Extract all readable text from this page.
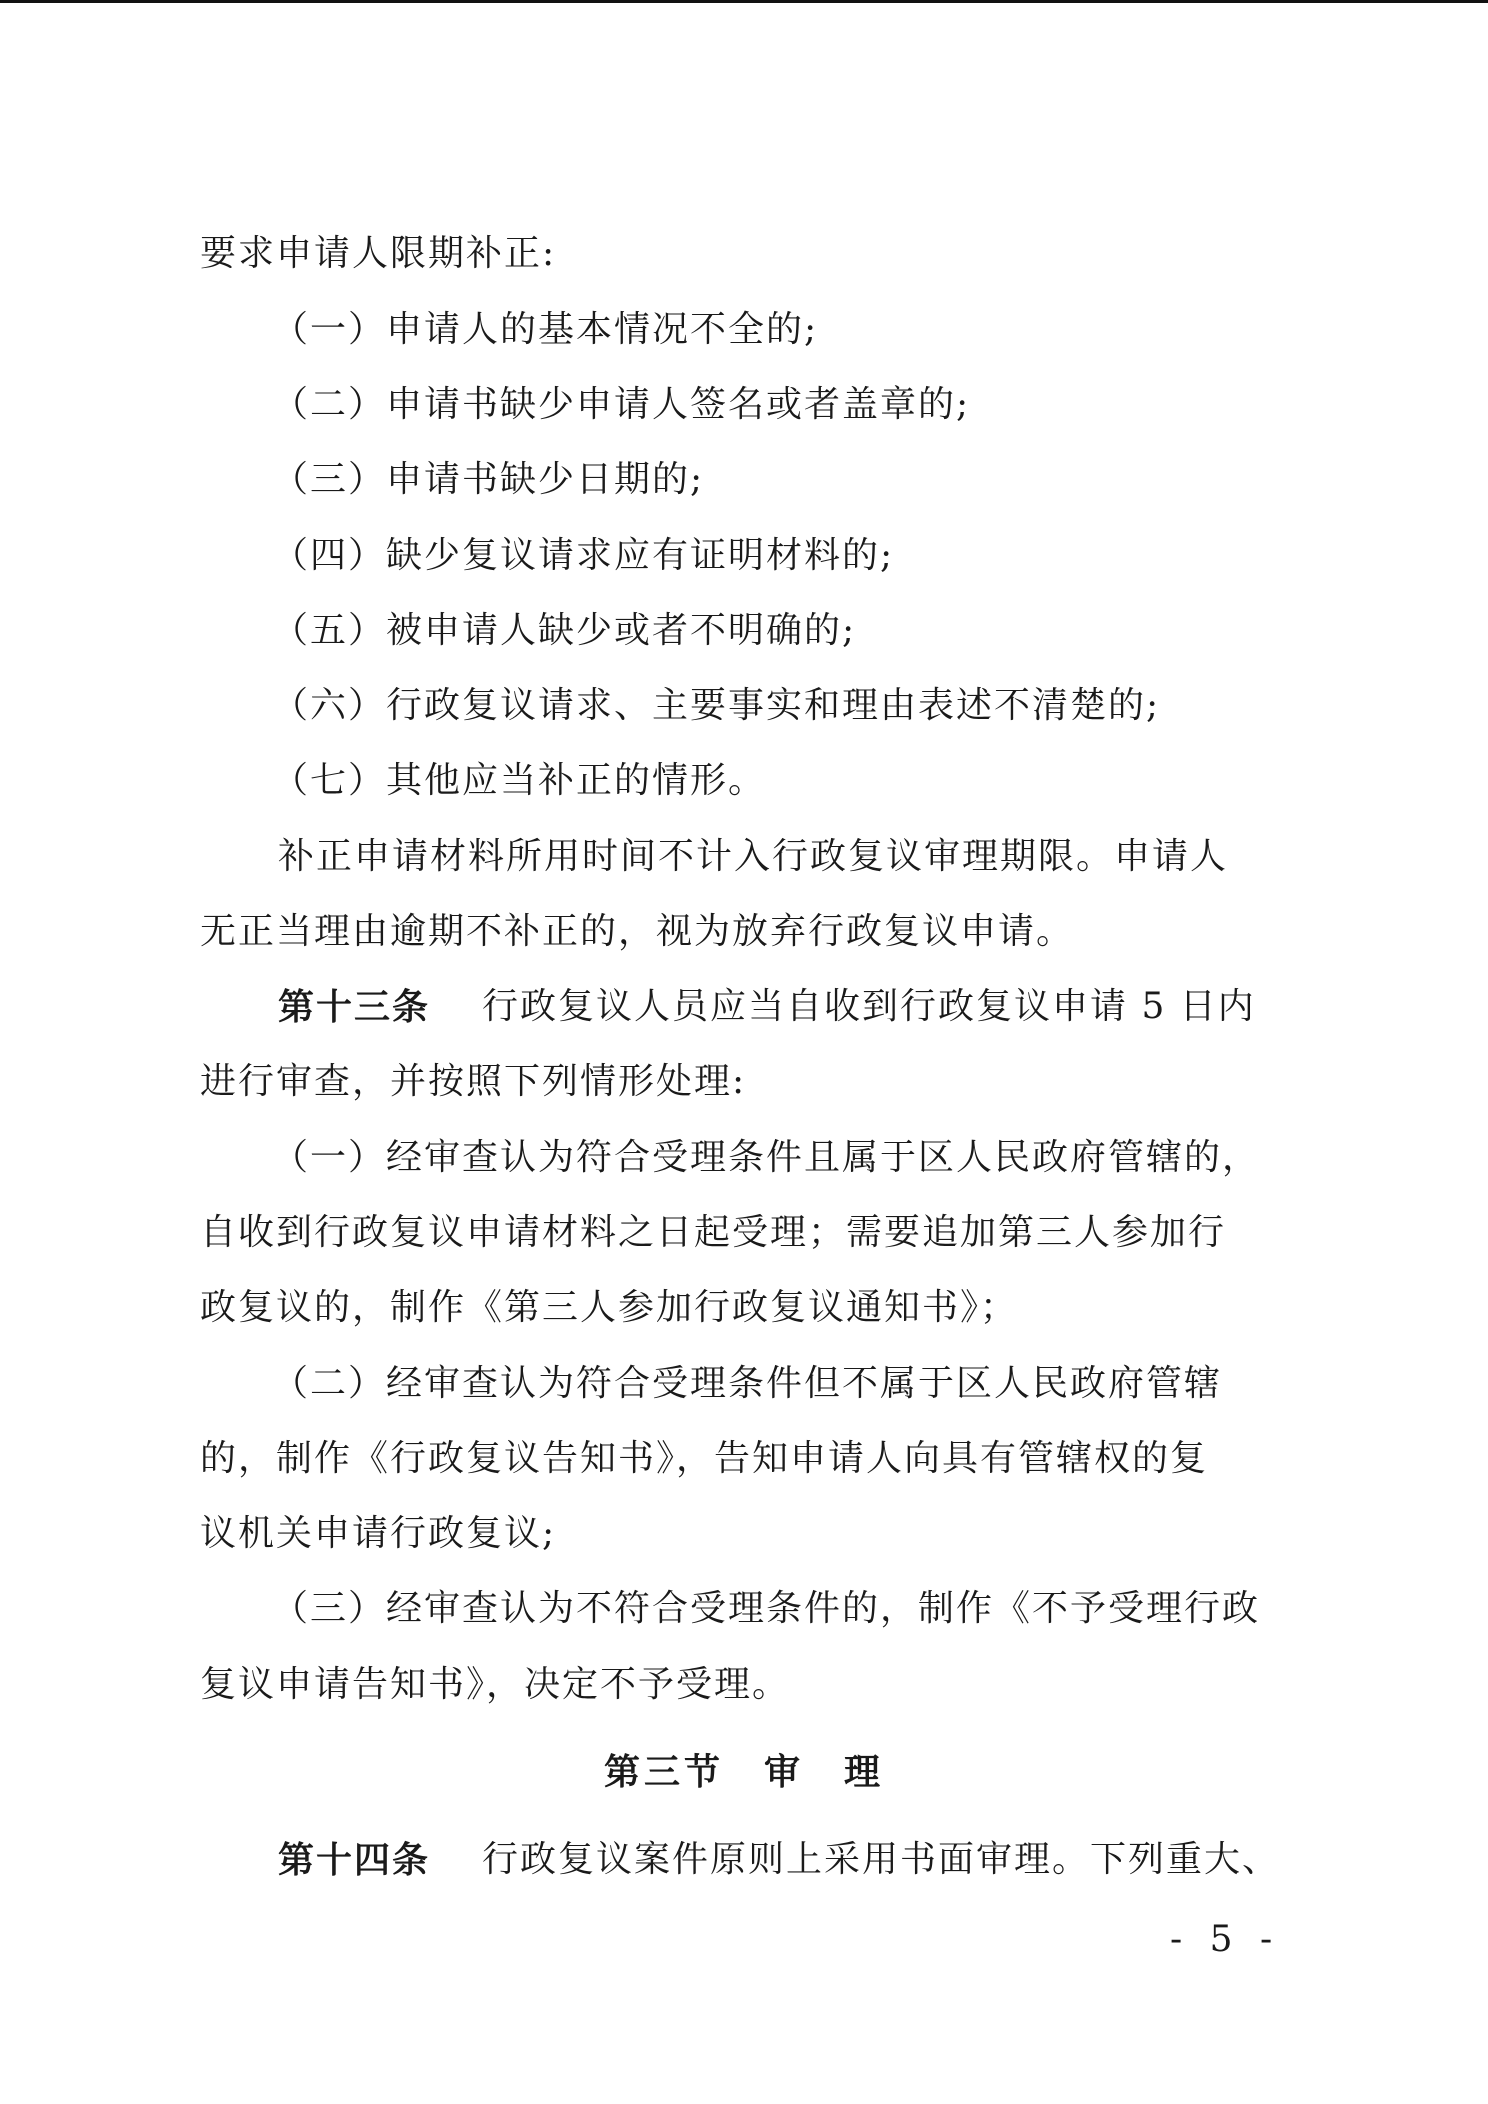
要求申请人限期补正:
（一）申请人的基本情况不全的;
（二）申请书缺少申请人签名或者盖章的;
（三）申请书缺少日期的;
（四）缺少复议请求应有证明材料的;
（五）被申请人缺少或者不明确的;
（六）行政复议请求、主要事实和理由表述不清楚的;
（七）其他应当补正的情形。
补正申请材料所用时间不计入行政复议审理期限。申请人
无正当理由逾期不补正的，视为放弃行政复议申请。
第十三条 行政复议人员应当自收到行政复议申请 5 日内
进行审查，并按照下列情形处理:
（一）经审查认为符合受理条件且属于区人民政府管辖的，
自收到行政复议申请材料之日起受理；需要追加第三人参加行
政复议的，制作《第三人参加行政复议通知书》；
（二）经审查认为符合受理条件但不属于区人民政府管辖
的，制作《行政复议告知书》，告知申请人向具有管辖权的复
议机关申请行政复议;
（三）经审查认为不符合受理条件的，制作《不予受理行政
复议申请告知书》，决定不予受理。
第三节　审　理
第十四条 行政复议案件原则上采用书面审理。下列重大、
- 5 -
